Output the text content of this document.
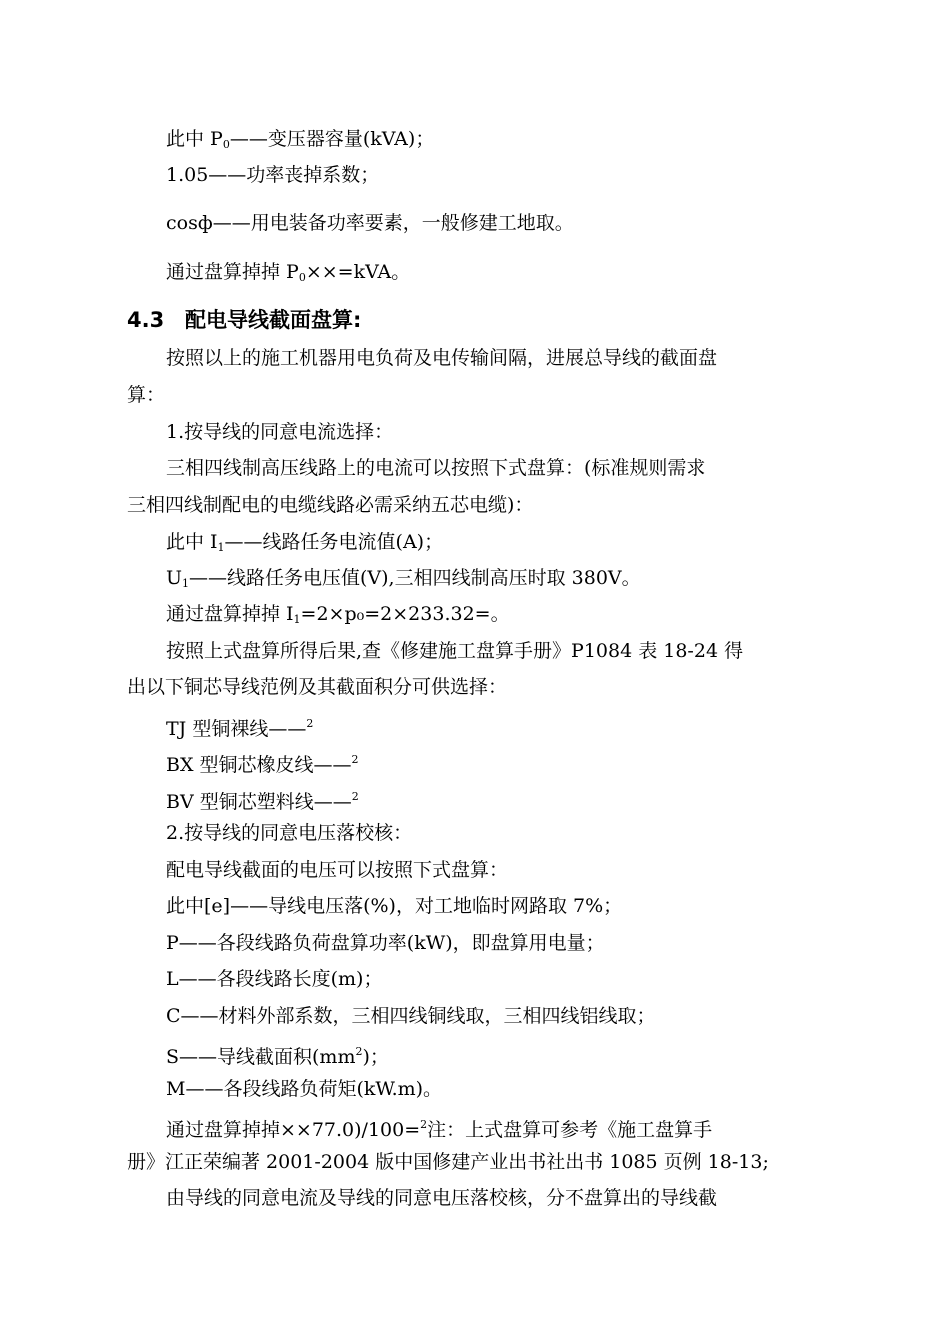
此中 $P_0——$变压器容量(kVA)；
1.05——功率丧掉系数；
cosф——用电装备功率要素，一般修建工地取。
通过盘算掉掉 $P_0\times\times=kVA$。
4.3 配电导线截面盘算:
按照以上的施工机器用电负荷及电传输间隔，进展总导线的截面盘
算：
1.按导线的同意电流选择：
三相四线制高压线路上的电流可以按照下式盘算：(标准规则需求
三相四线制配电的电缆线路必需采纳五芯电缆)：
此中 $I_1——$线路任务电流值(A)；
$U_1——$线路任务电压值(V),三相四线制高压时取 380V。
通过盘算掉掉 $I_1=2\times p_0=2\times 233.32=$。
按照上式盘算所得后果,查《修建施工盘算手册》P1084 表 18-24 得
出以下铜芯导线范例及其截面积分可供选择：
TJ 型铜裸线——$^2$
BX 型铜芯橡皮线——$^2$
BV 型铜芯塑料线——$^2$
2.按导线的同意电压落校核：
配电导线截面的电压可以按照下式盘算：
此中[e]——导线电压落(%)，对工地临时网路取 7%；
P——各段线路负荷盘算功率(kW)，即盘算用电量；
L——各段线路长度(m)；
C——材料外部系数，三相四线铜线取，三相四线铝线取；
S——导线截面积$(mm^2)$；
M——各段线路负荷矩(kW.m)。
通过盘算掉掉××77.0)/100=$^2$注：上式盘算可参考《施工盘算手
册》江正荣编著 2001-2004 版中国修建产业出书社出书 1085 页例 18-13;
由导线的同意电流及导线的同意电压落校核，分不盘算出的导线截
